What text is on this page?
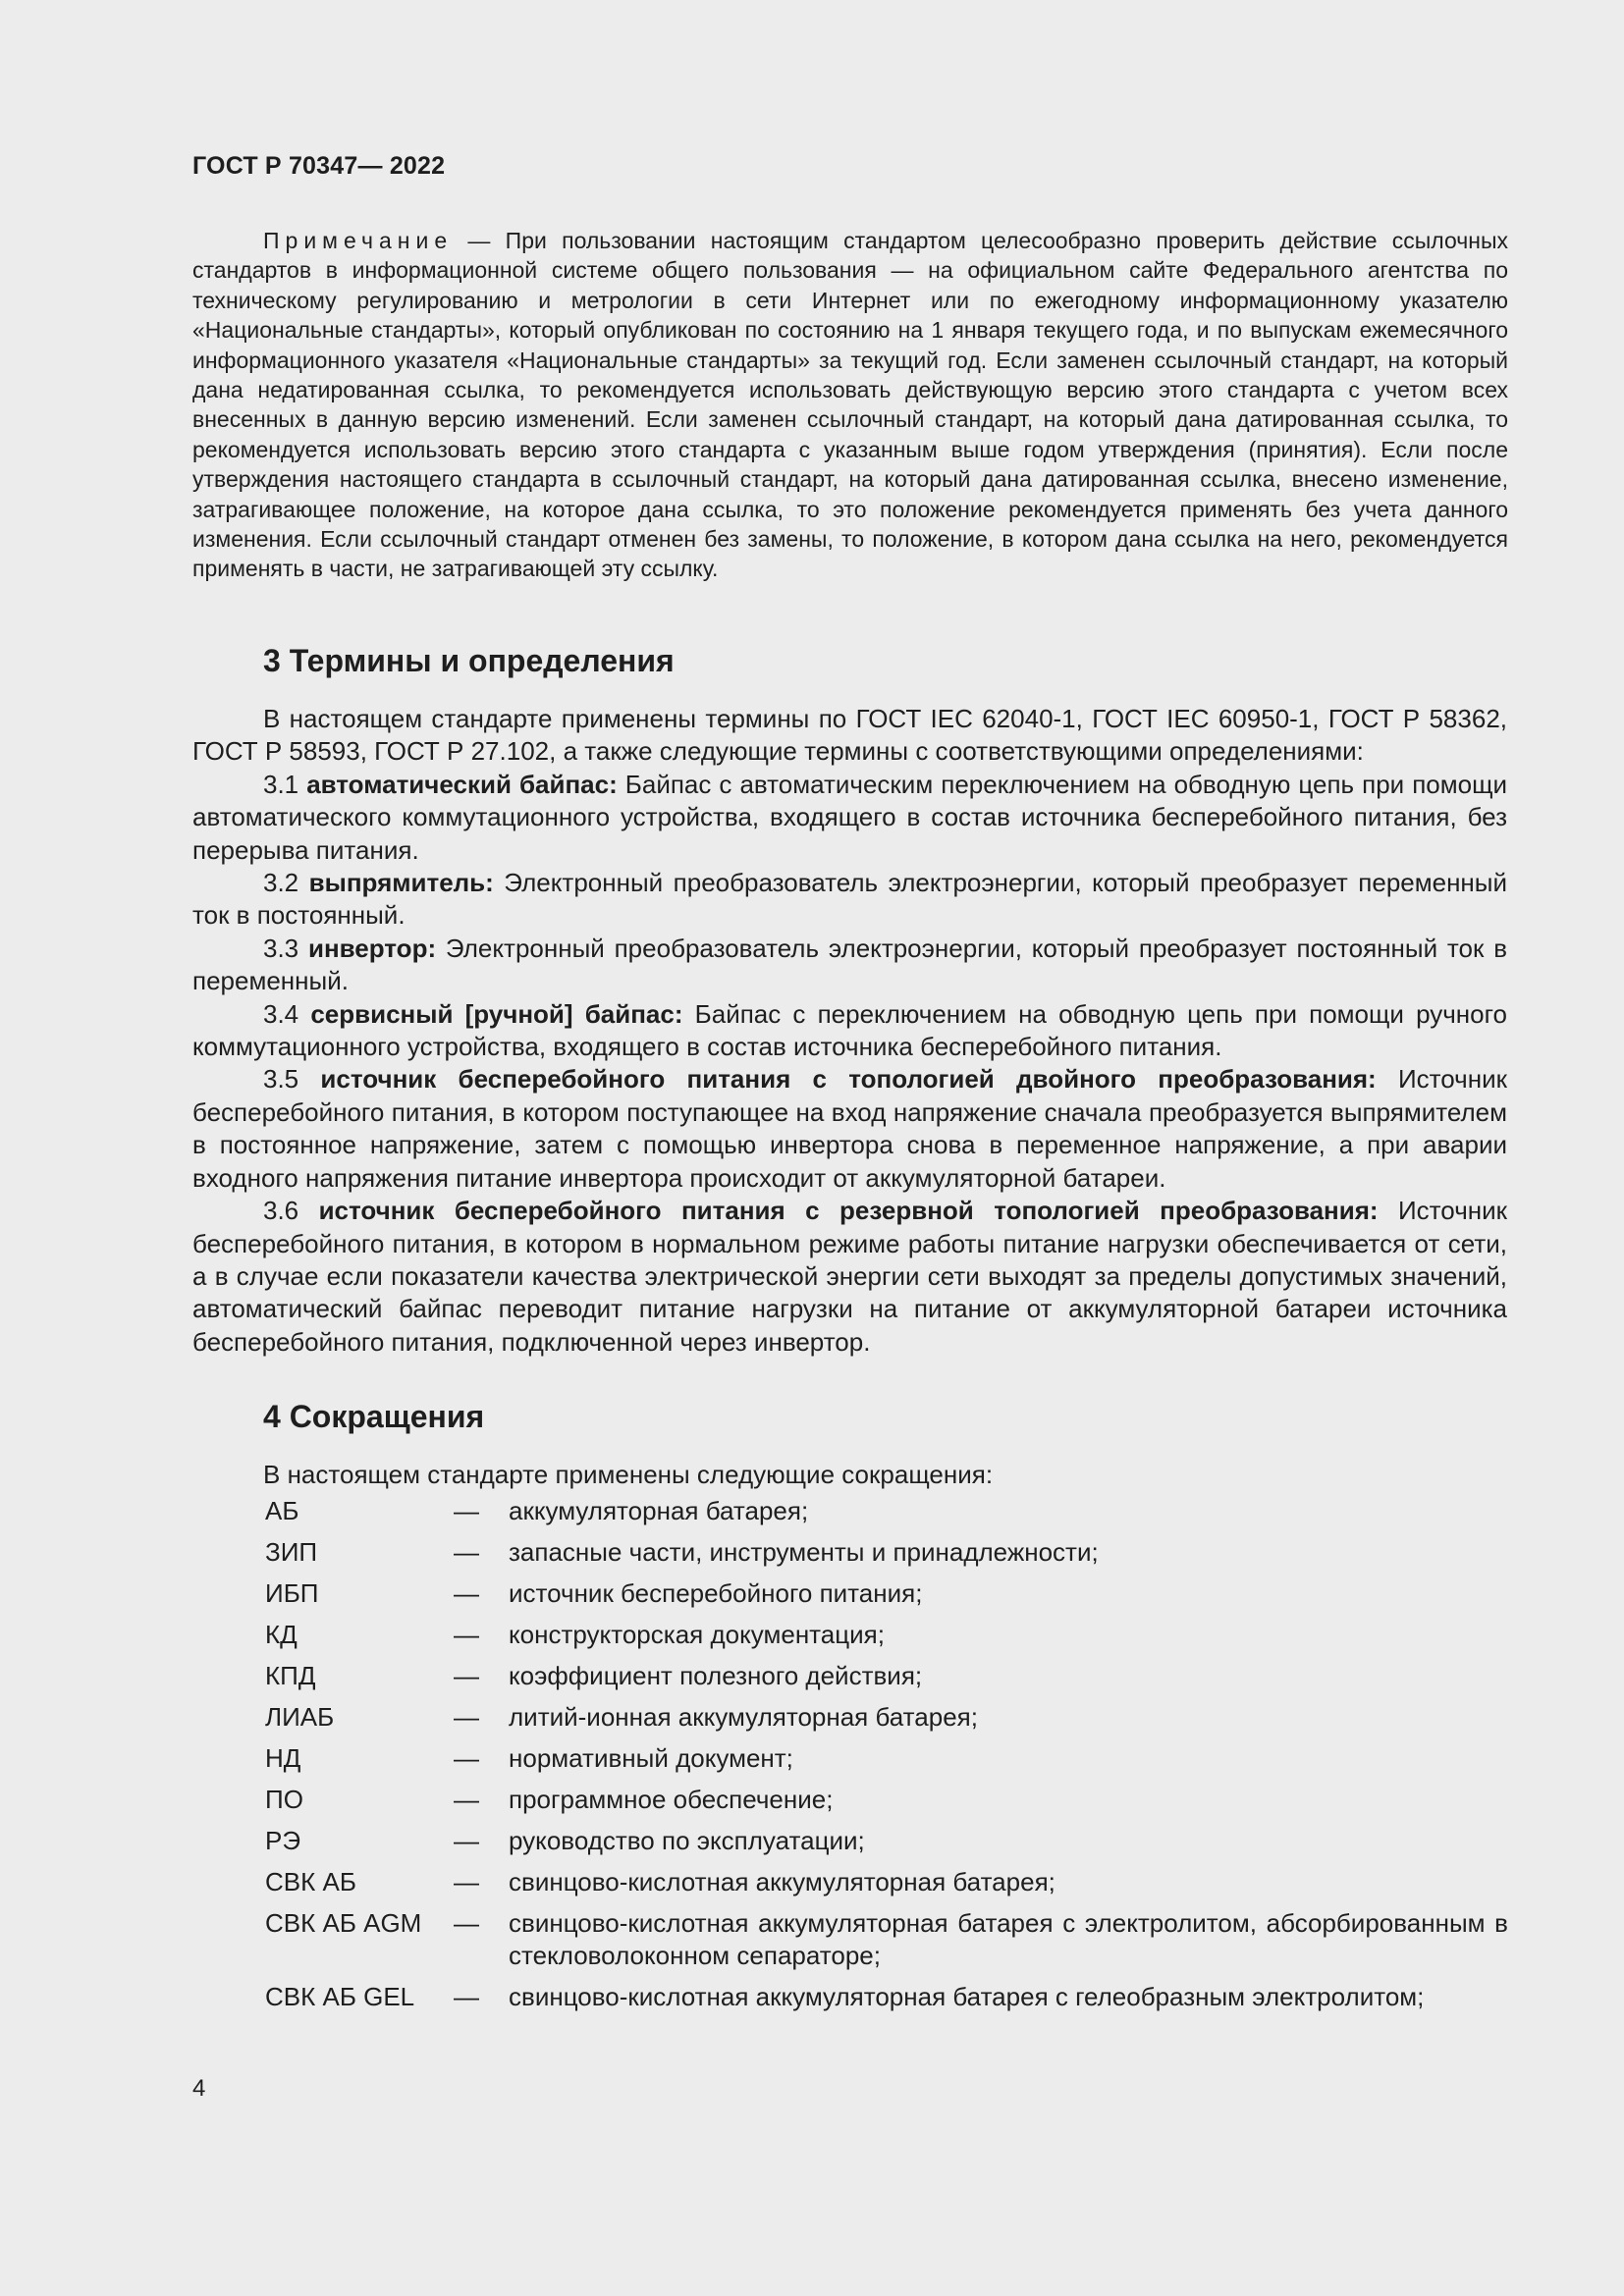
ГОСТ Р 70347— 2022
Примечание — При пользовании настоящим стандартом целесообразно проверить действие ссылочных стандартов в информационной системе общего пользования — на официальном сайте Федерального агентства по техническому регулированию и метрологии в сети Интернет или по ежегодному информационному указателю «Национальные стандарты», который опубликован по состоянию на 1 января текущего года, и по выпускам ежемесячного информационного указателя «Национальные стандарты» за текущий год. Если заменен ссылочный стандарт, на который дана недатированная ссылка, то рекомендуется использовать действующую версию этого стандарта с учетом всех внесенных в данную версию изменений. Если заменен ссылочный стандарт, на который дана датированная ссылка, то рекомендуется использовать версию этого стандарта с указанным выше годом утверждения (принятия). Если после утверждения настоящего стандарта в ссылочный стандарт, на который дана датированная ссылка, внесено изменение, затрагивающее положение, на которое дана ссылка, то это положение рекомендуется применять без учета данного изменения. Если ссылочный стандарт отменен без замены, то положение, в котором дана ссылка на него, рекомендуется применять в части, не затрагивающей эту ссылку.
3 Термины и определения

В настоящем стандарте применены термины по ГОСТ IEC 62040-1, ГОСТ IEC 60950-1, ГОСТ Р 58362, ГОСТ Р 58593, ГОСТ Р 27.102, а также следующие термины с соответствующими определениями:

3.1 автоматический байпас: Байпас с автоматическим переключением на обводную цепь при помощи автоматического коммутационного устройства, входящего в состав источника бесперебойного питания, без перерыва питания.

3.2 выпрямитель: Электронный преобразователь электроэнергии, который преобразует переменный ток в постоянный.

3.3 инвертор: Электронный преобразователь электроэнергии, который преобразует постоянный ток в переменный.

3.4 сервисный [ручной] байпас: Байпас с переключением на обводную цепь при помощи ручного коммутационного устройства, входящего в состав источника бесперебойного питания.

3.5 источник бесперебойного питания с топологией двойного преобразования: Источник бесперебойного питания, в котором поступающее на вход напряжение сначала преобразуется выпрямителем в постоянное напряжение, затем с помощью инвертора снова в переменное напряжение, а при аварии входного напряжения питание инвертора происходит от аккумуляторной батареи.

3.6 источник бесперебойного питания с резервной топологией преобразования: Источник бесперебойного питания, в котором в нормальном режиме работы питание нагрузки обеспечивается от сети, а в случае если показатели качества электрической энергии сети выходят за пределы допустимых значений, автоматический байпас переводит питание нагрузки на питание от аккумуляторной батареи источника бесперебойного питания, подключенной через инвертор.

4 Сокращения
В настоящем стандарте применены следующие сокращения:
АБ	—	аккумуляторная батарея;
ЗИП	—	запасные части, инструменты и принадлежности;
ИБП	—	источник бесперебойного питания;
КД	—	конструкторская документация;
КПД	—	коэффициент полезного действия;
ЛИАБ	—	литий-ионная аккумуляторная батарея;
НД	—	нормативный документ;
ПО	—	программное обеспечение;
РЭ	—	руководство по эксплуатации;
СВК АБ	—	свинцово-кислотная аккумуляторная батарея;
СВК АБ AGM	—	свинцово-кислотная аккумуляторная батарея с электролитом, абсорбированным в стекловолоконном сепараторе;
СВК АБ GEL	—	свинцово-кислотная аккумуляторная батарея с гелеобразным электролитом;
4
